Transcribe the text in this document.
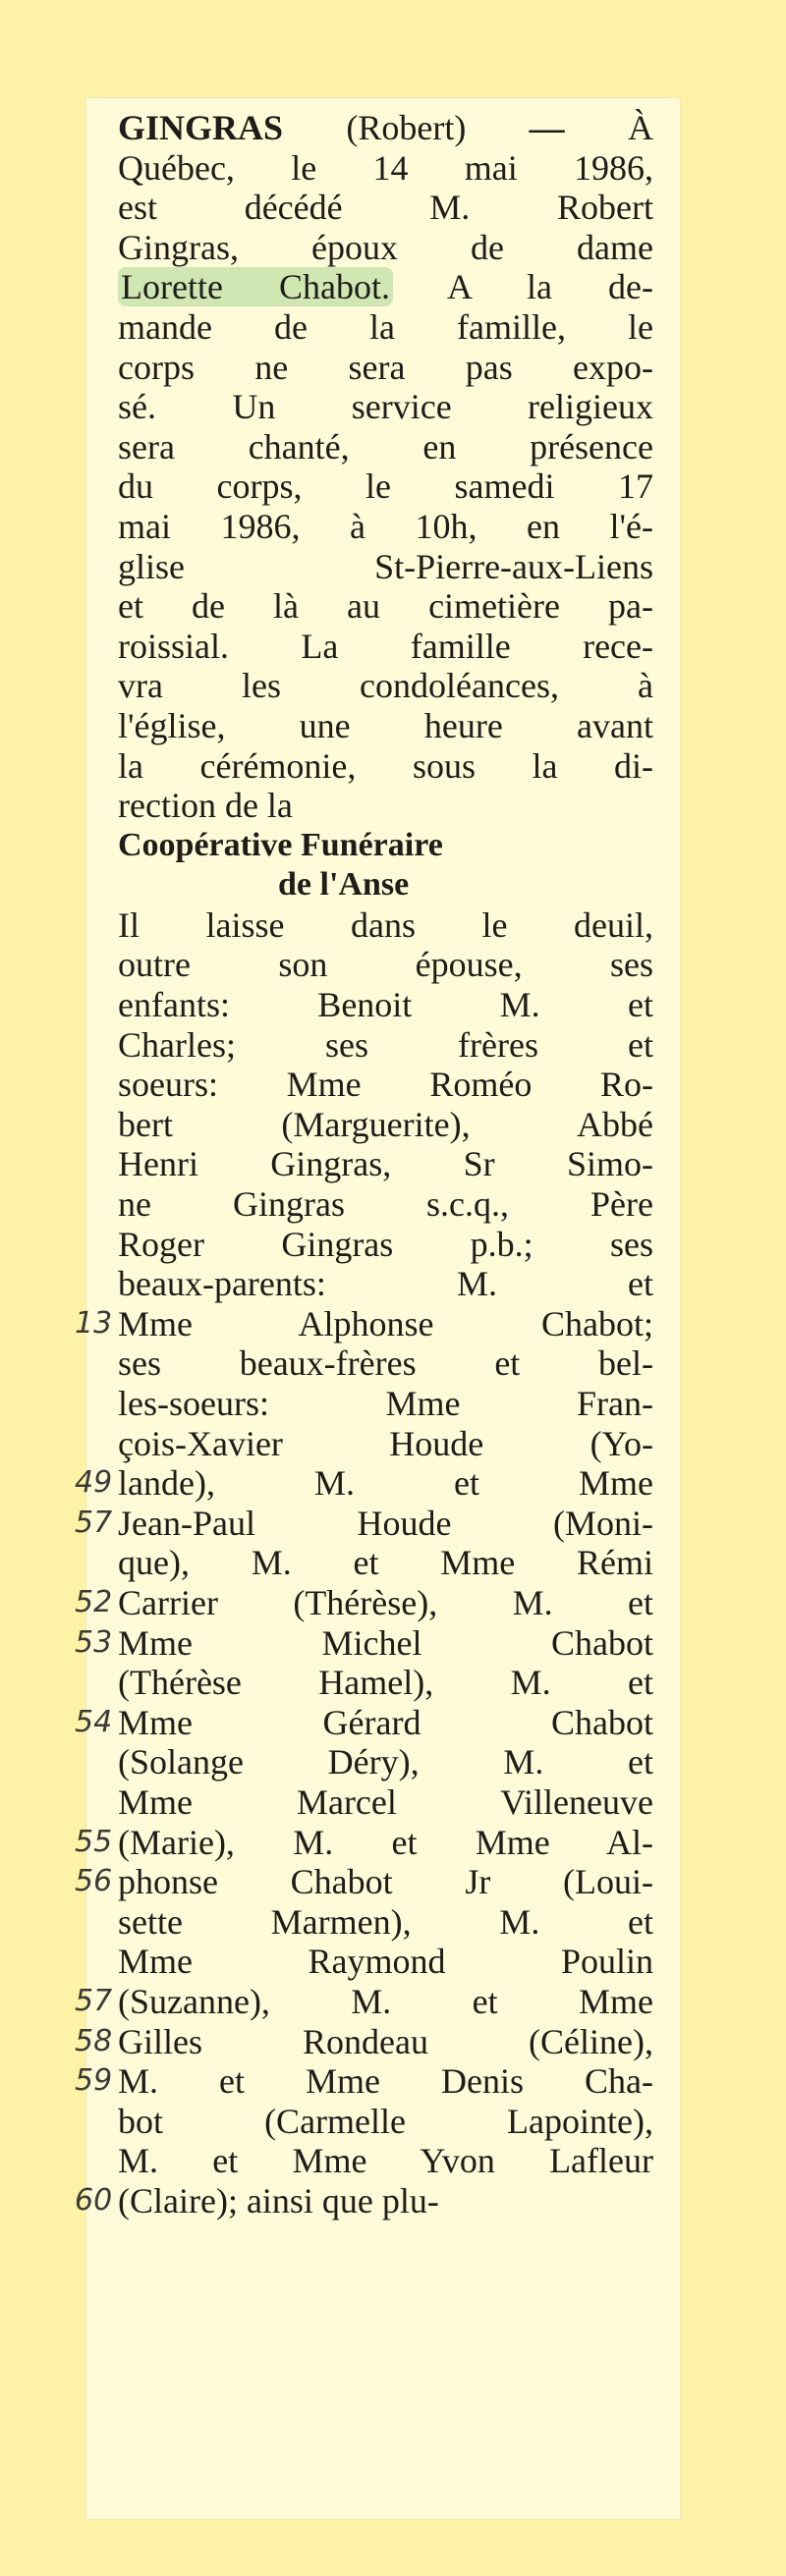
GINGRAS (Robert) — À
Québec, le 14 mai 1986,
est décédé M. Robert
Gingras, époux de dame
Lorette Chabot. A la de-
mande de la famille, le
corps ne sera pas expo-
sé. Un service religieux
sera chanté, en présence
du corps, le samedi 17
mai 1986, à 10h, en l'é-
glise St-Pierre-aux-Liens
et de là au cimetière pa-
roissial. La famille rece-
vra les condoléances, à
l'église, une heure avant
la cérémonie, sous la di-
rection de la
Coopérative Funéraire
de l'Anse
Il laisse dans le deuil,
outre son épouse, ses
enfants: Benoit M. et
Charles; ses frères et
soeurs: Mme Roméo Ro-
bert (Marguerite), Abbé
Henri Gingras, Sr Simo-
ne Gingras s.c.q., Père
Roger Gingras p.b.; ses
beaux-parents: M. et
Mme Alphonse Chabot;
ses beaux-frères et bel-
les-soeurs: Mme Fran-
çois-Xavier Houde (Yo-
lande), M. et Mme
Jean-Paul Houde (Moni-
que), M. et Mme Rémi
Carrier (Thérèse), M. et
Mme Michel Chabot
(Thérèse Hamel), M. et
Mme Gérard Chabot
(Solange Déry), M. et
Mme Marcel Villeneuve
(Marie), M. et Mme Al-
phonse Chabot Jr (Loui-
sette Marmen), M. et
Mme Raymond Poulin
(Suzanne), M. et Mme
Gilles Rondeau (Céline),
M. et Mme Denis Cha-
bot (Carmelle Lapointe),
M. et Mme Yvon Lafleur
(Claire); ainsi que plu-
13
49
57
52
53
54
55
56
57
58
59
60
